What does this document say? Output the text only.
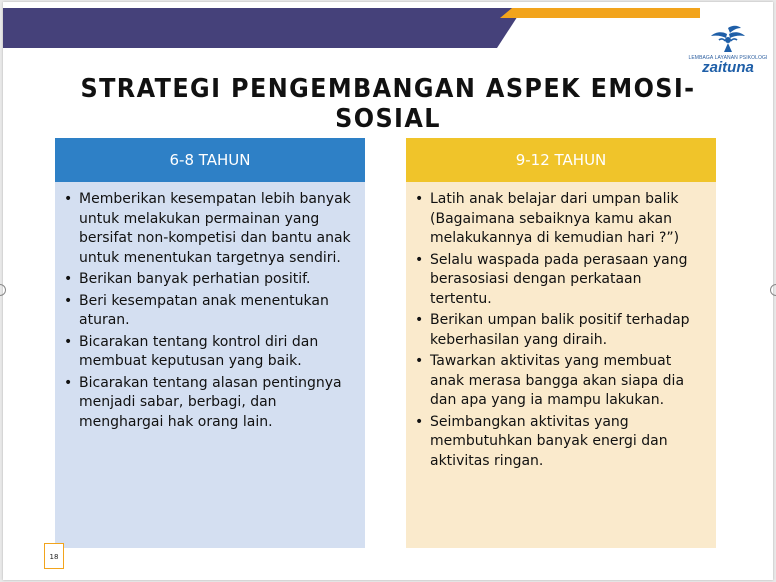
LEMBAGA LAYANAN PSIKOLOGI
zaituna
STRATEGI PENGEMBANGAN ASPEK EMOSI-SOSIAL
6-8 TAHUN
• Memberikan kesempatan lebih banyak untuk melakukan permainan yang bersifat non-kompetisi dan bantu anak untuk menentukan targetnya sendiri.
• Berikan banyak perhatian positif.
• Beri kesempatan anak menentukan aturan.
• Bicarakan tentang kontrol diri dan membuat keputusan yang baik.
• Bicarakan tentang alasan pentingnya menjadi sabar, berbagi, dan menghargai hak orang lain.
9-12 TAHUN
• Latih anak belajar dari umpan balik (Bagaimana sebaiknya kamu akan melakukannya di kemudian hari ?”)
• Selalu waspada pada perasaan yang berasosiasi dengan perkataan tertentu.
• Berikan umpan balik positif terhadap keberhasilan yang diraih.
• Tawarkan aktivitas yang membuat anak merasa bangga akan siapa dia dan apa yang ia mampu lakukan.
• Seimbangkan aktivitas yang membutuhkan banyak energi dan aktivitas ringan.
18
